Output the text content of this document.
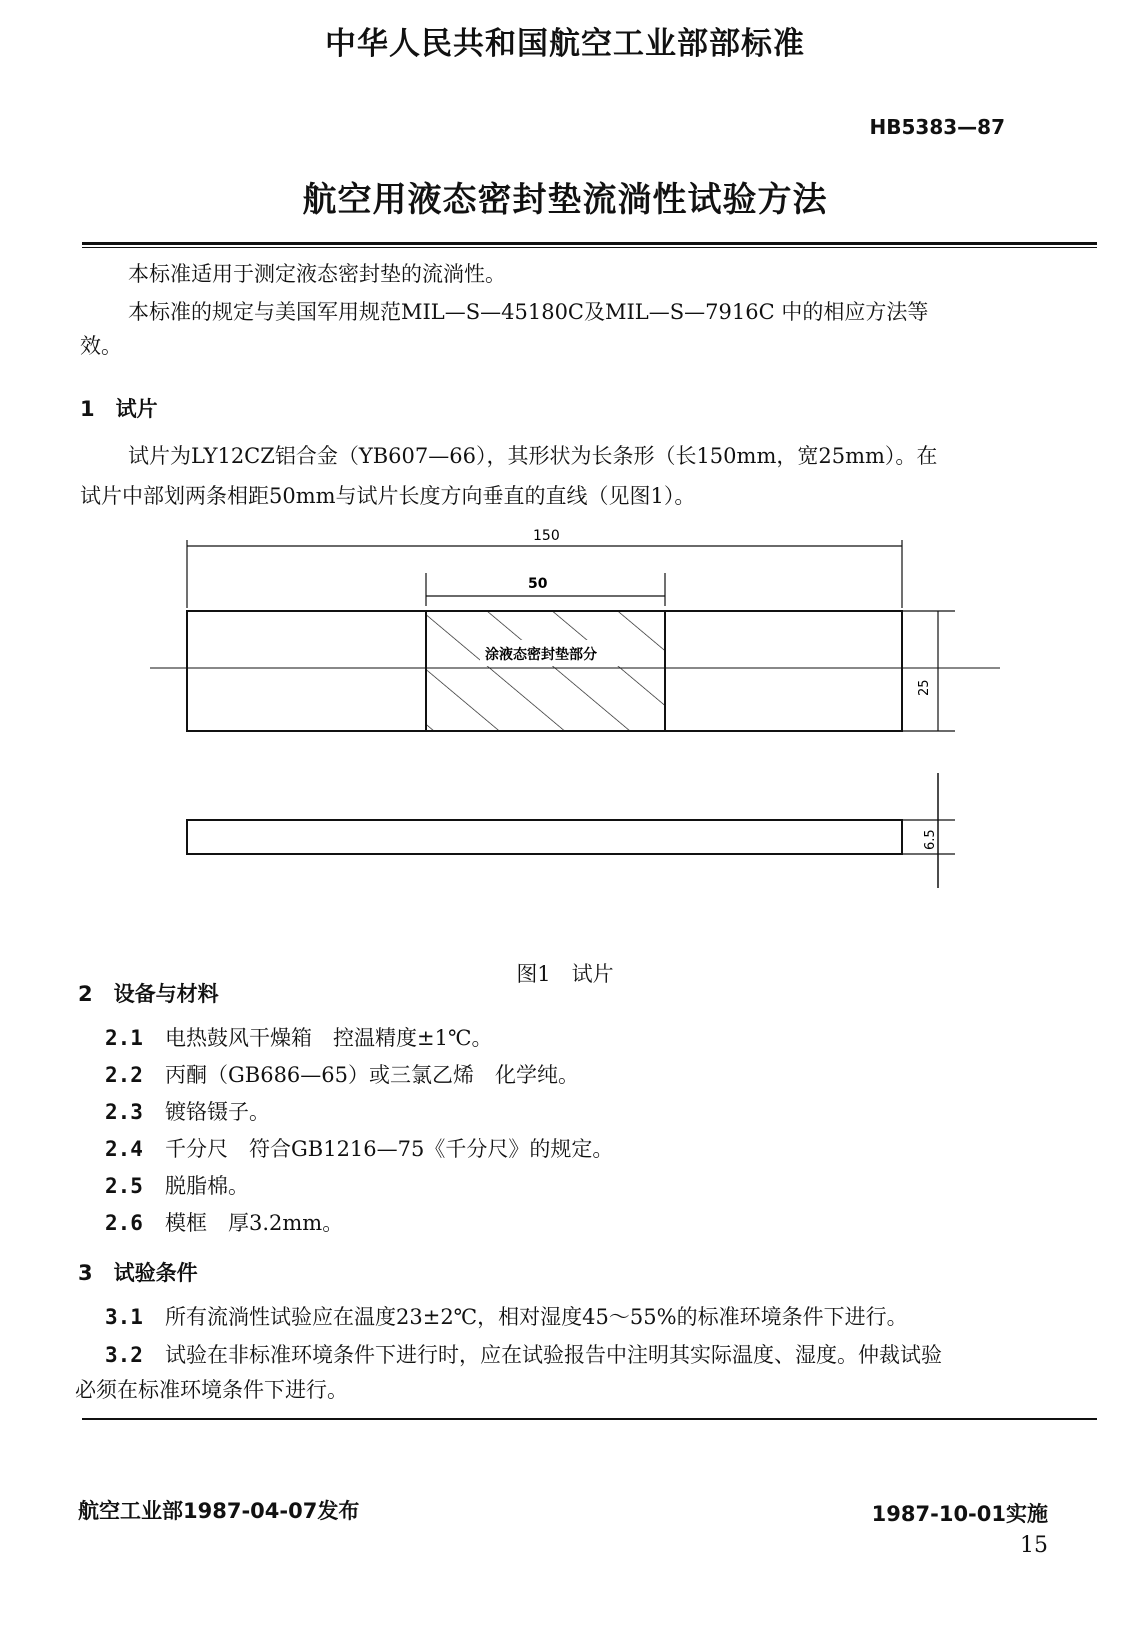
中华人民共和国航空工业部部标准
HB5383—87
航空用液态密封垫流淌性试验方法
本标准适用于测定液态密封垫的流淌性。
本标准的规定与美国军用规范MIL—S—45180C及MIL—S—7916C 中的相应方法等
效。
1　试片
试片为LY12CZ铝合金（YB607—66），其形状为长条形（长150mm，宽25mm）。在
试片中部划两条相距50mm与试片长度方向垂直的直线（见图1）。
150
50
涂液态密封垫部分
25
6.5
图1　试片
2　设备与材料
2.1 电热鼓风干燥箱　控温精度±1℃。
2.2 丙酮（GB686—65）或三氯乙烯　化学纯。
2.3 镀铬镊子。
2.4 千分尺　符合GB1216—75《千分尺》的规定。
2.5 脱脂棉。
2.6 模框　厚3.2mm。
3　试验条件
3.1 所有流淌性试验应在温度23±2℃，相对湿度45～55%的标准环境条件下进行。
3.2 试验在非标准环境条件下进行时，应在试验报告中注明其实际温度、湿度。仲裁试验
必须在标准环境条件下进行。
航空工业部1987-04-07发布	1987-10-01实施
15
